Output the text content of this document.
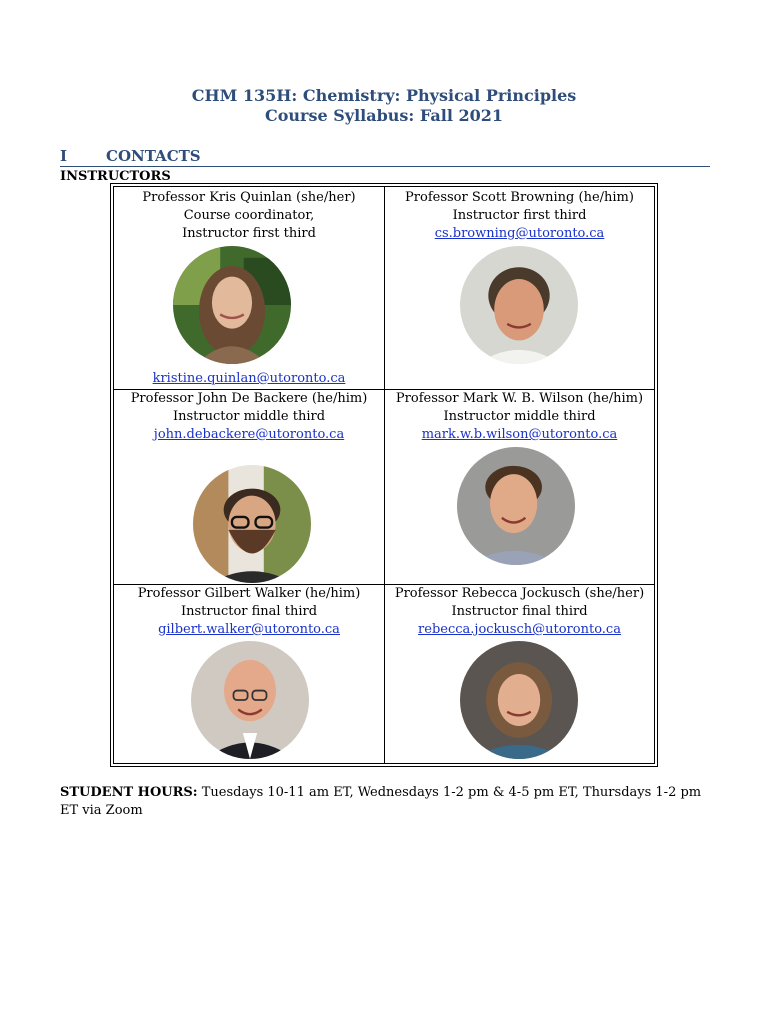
CHM 135H: Chemistry: Physical Principles
Course Syllabus: Fall 2021
I	CONTACTS
INSTRUCTORS
Professor Kris Quinlan (she/her)
Course coordinator,
Instructor first third
kristine.quinlan@utoronto.ca
Professor Scott Browning (he/him)
Instructor first third
cs.browning@utoronto.ca
Professor John De Backere (he/him)
Instructor middle third
john.debackere@utoronto.ca
Professor Mark W. B. Wilson (he/him)
Instructor middle third
mark.w.b.wilson@utoronto.ca
Professor Gilbert Walker (he/him)
Instructor final third
gilbert.walker@utoronto.ca
Professor Rebecca Jockusch (she/her)
Instructor final third
rebecca.jockusch@utoronto.ca
STUDENT HOURS: Tuesdays 10-11 am ET, Wednesdays 1-2 pm & 4-5 pm ET, Thursdays 1-2 pm ET via Zoom
